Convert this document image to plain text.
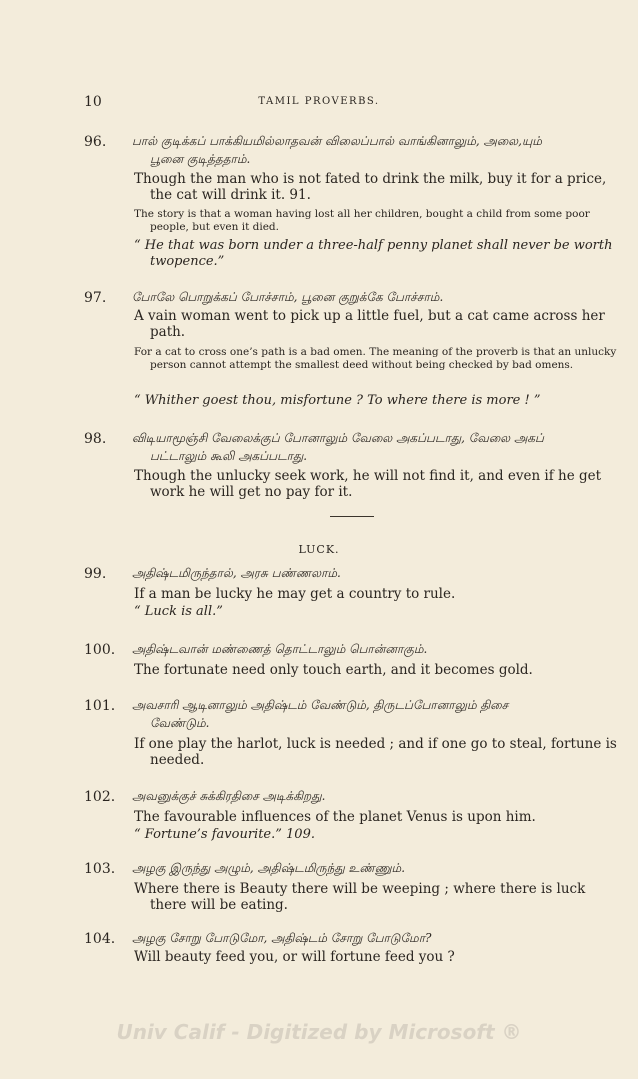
10	TAMIL PROVERBS.
96. பால் குடிக்கப் பாக்கியமில்லாதவன் விலைப்பால் வாங்கினாலும், அலை,யும்
பூனை குடித்ததாம்.
Though the man who is not fated to drink the milk, buy it for a price, the cat will drink it. 91.
The story is that a woman having lost all her children, bought a child from some poor people, but even it died.
“ He that was born under a three-half penny planet shall never be worth twopence.”
97. போலே பொறுக்கப் போச்சாம், பூனை குறுக்கே போச்சாம்.
A vain woman went to pick up a little fuel, but a cat came across her path.
For a cat to cross one’s path is a bad omen. The meaning of the proverb is that an unlucky person cannot attempt the smallest deed without being checked by bad omens.
“ Whither goest thou, misfortune ? To where there is more ! ”
98. விடியாமூஞ்சி வேலைக்குப் போனாலும் வேலை அகப்படாது, வேலை அகப்
பட்டாலும் கூலி அகப்படாது.
Though the unlucky seek work, he will not find it, and even if he get work he will get no pay for it.
LUCK.
99. அதிஷ்டமிருந்தால், அரசு பண்ணலாம்.
If a man be lucky he may get a country to rule.
“ Luck is all.”
100. அதிஷ்டவான் மண்ணைத் தொட்டாலும் பொன்னாகும்.
The fortunate need only touch earth, and it becomes gold.
101. அவசாரி ஆடினாலும் அதிஷ்டம் வேண்டும், திருடப்போனாலும் திசை
வேண்டும்.
If one play the harlot, luck is needed ; and if one go to steal, fortune is needed.
102. அவனுக்குச் சுக்கிரதிசை அடிக்கிறது.
The favourable influences of the planet Venus is upon him.
“ Fortune’s favourite.” 109.
103. அழகு இருந்து அழும், அதிஷ்டமிருந்து உண்ணும்.
Where there is Beauty there will be weeping ; where there is luck there will be eating.
104. அழகு சோறு போடுமோ, அதிஷ்டம் சோறு போடுமோ?
Will beauty feed you, or will fortune feed you ?
Univ Calif - Digitized by Microsoft ®
